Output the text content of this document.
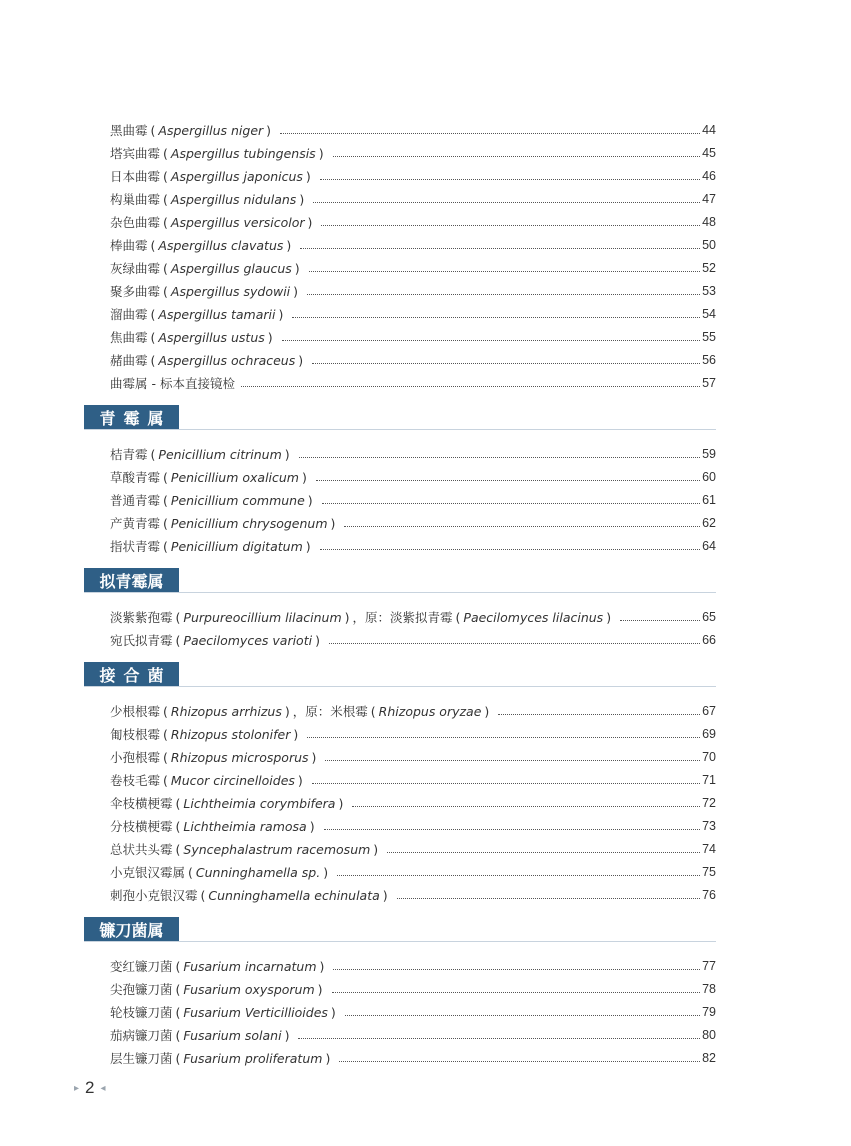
黑曲霉 ( Aspergillus niger )	44
塔宾曲霉 ( Aspergillus tubingensis )	45
日本曲霉 ( Aspergillus japonicus )	46
构巢曲霉 ( Aspergillus nidulans )	47
杂色曲霉 ( Aspergillus versicolor )	48
棒曲霉 ( Aspergillus clavatus )	50
灰绿曲霉 ( Aspergillus glaucus )	52
聚多曲霉 ( Aspergillus sydowii )	53
溜曲霉 ( Aspergillus tamarii )	54
焦曲霉 ( Aspergillus ustus )	55
赭曲霉 ( Aspergillus ochraceus )	56
曲霉属 - 标本直接镜检	57
青霉属
桔青霉 ( Penicillium citrinum )	59
草酸青霉 ( Penicillium oxalicum )	60
普通青霉 ( Penicillium commune )	61
产黄青霉 ( Penicillium chrysogenum )	62
指状青霉 ( Penicillium digitatum )	64
拟青霉属
淡紫紫孢霉 ( Purpureocillium lilacinum ) ，原：淡紫拟青霉 ( Paecilomyces lilacinus )	65
宛氏拟青霉 ( Paecilomyces varioti )	66
接合菌
少根根霉 ( Rhizopus arrhizus ) ，原：米根霉 ( Rhizopus oryzae )	67
匍枝根霉 ( Rhizopus stolonifer )	69
小孢根霉 ( Rhizopus microsporus )	70
卷枝毛霉 ( Mucor circinelloides )	71
伞枝横梗霉 ( Lichtheimia corymbifera )	72
分枝横梗霉 ( Lichtheimia ramosa )	73
总状共头霉 ( Syncephalastrum racemosum )	74
小克银汉霉属 ( Cunninghamella sp. )	75
刺孢小克银汉霉 ( Cunninghamella echinulata )	76
镰刀菌属
变红镰刀菌 ( Fusarium incarnatum )	77
尖孢镰刀菌 ( Fusarium oxysporum )	78
轮枝镰刀菌 ( Fusarium Verticillioides )	79
茄病镰刀菌 ( Fusarium solani )	80
层生镰刀菌 ( Fusarium proliferatum )	82
▸ 2 ◂
